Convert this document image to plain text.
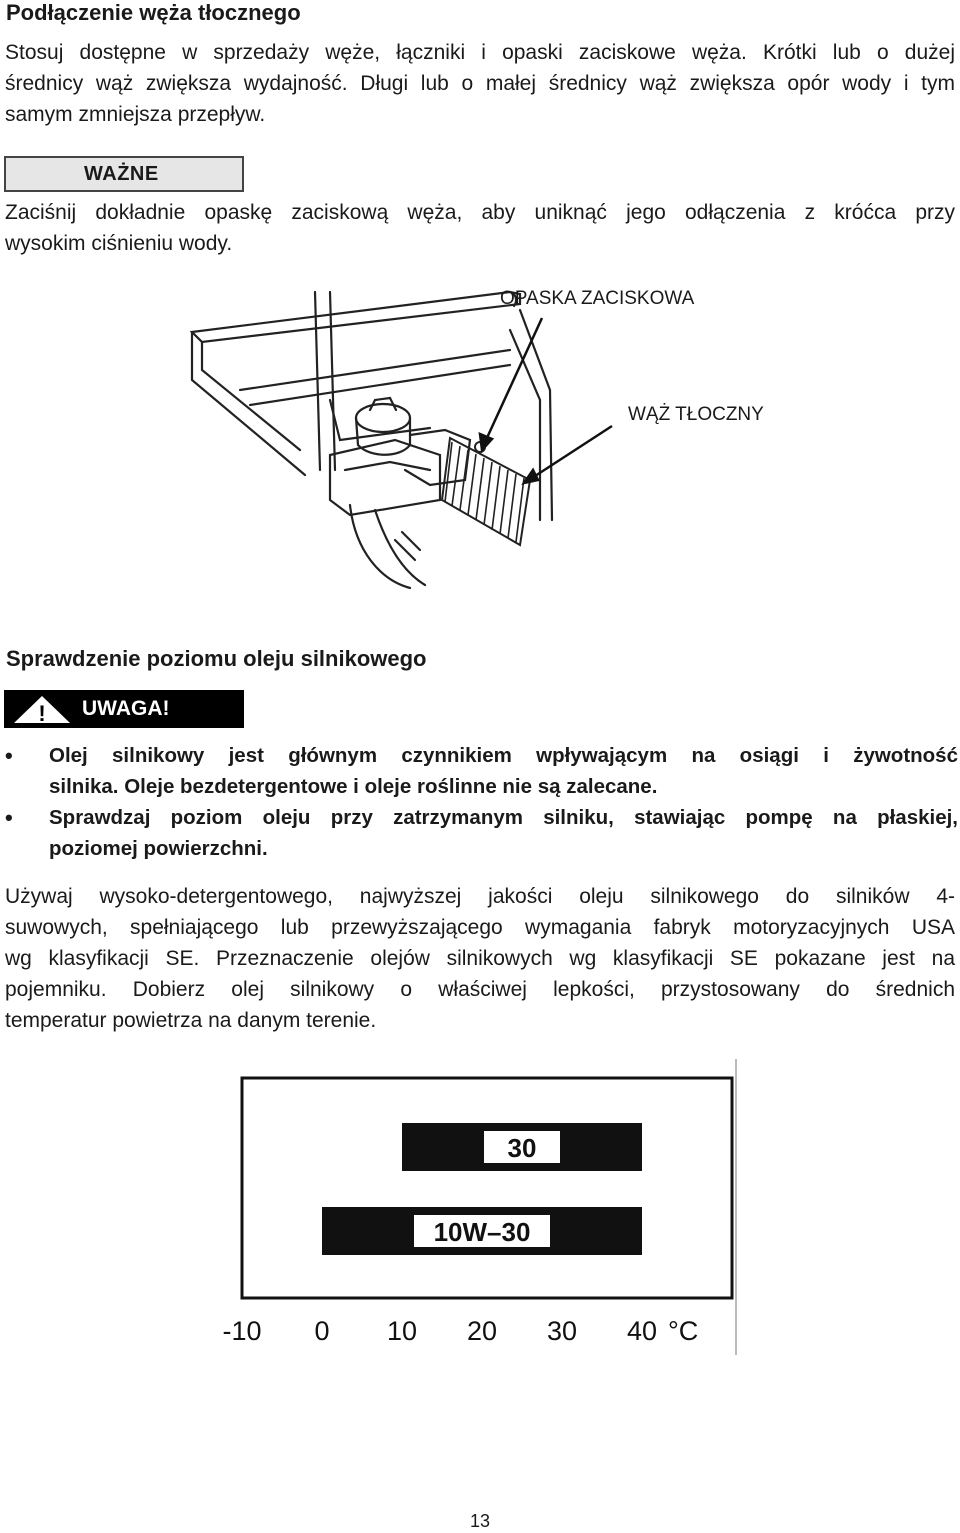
Podłączenie węża tłocznego
Stosuj dostępne w sprzedaży węże, łączniki i opaski zaciskowe węża. Krótki lub o dużej
średnicy wąż zwiększa wydajność. Długi lub o małej średnicy wąż zwiększa opór wody i tym
samym zmniejsza przepływ.
WAŻNE
Zaciśnij dokładnie opaskę zaciskową węża, aby uniknąć jego odłączenia z króćca przy
wysokim ciśnieniu wody.
OPASKA ZACISKOWA
WĄŻ TŁOCZNY
Sprawdzenie poziomu oleju silnikowego
! UWAGA!
• Olej silnikowy jest głównym czynnikiem wpływającym na osiągi i żywotność
silnika. Oleje bezdetergentowe i oleje roślinne nie są zalecane.
• Sprawdzaj poziom oleju przy zatrzymanym silniku, stawiając pompę na płaskiej,
poziomej powierzchni.
Używaj wysoko-detergentowego, najwyższej jakości oleju silnikowego do silników 4-
suwowych, spełniającego lub przewyższającego wymagania fabryk motoryzacyjnych USA
wg klasyfikacji SE. Przeznaczenie olejów silnikowych wg klasyfikacji SE pokazane jest na
pojemniku. Dobierz olej silnikowy o właściwej lepkości, przystosowany do średnich
temperatur powietrza na danym terenie.
30
10W–30
-10 0 10 20 30 40 °C
13
